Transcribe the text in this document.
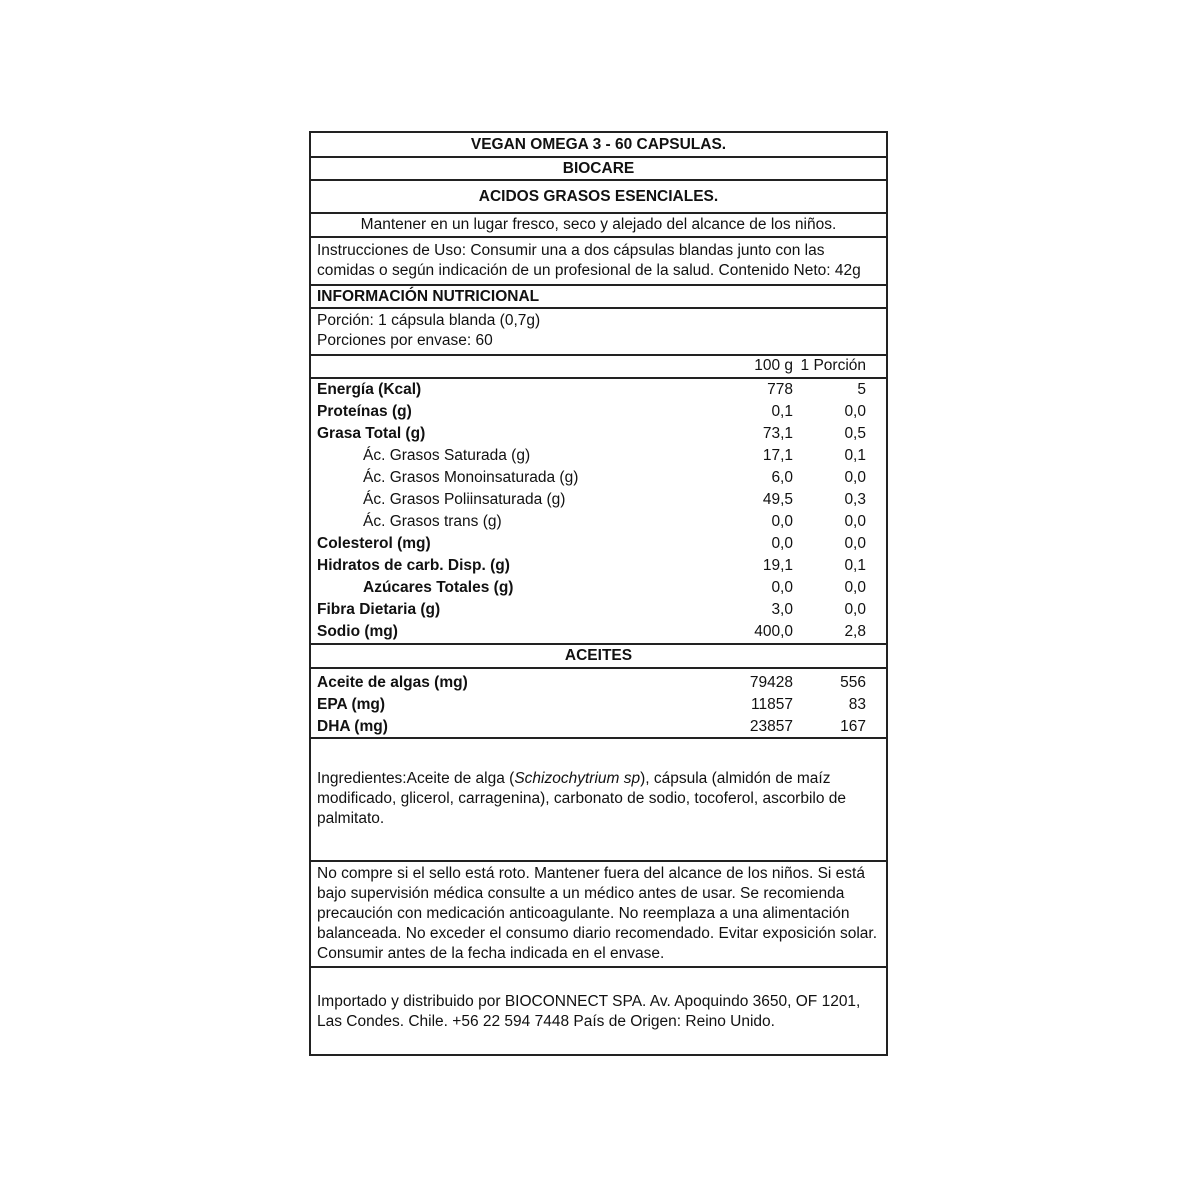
VEGAN OMEGA 3 - 60 CAPSULAS.
BIOCARE
ACIDOS GRASOS ESENCIALES.
Mantener en un lugar fresco, seco y alejado del alcance de los niños.
Instrucciones de Uso: Consumir una a dos cápsulas blandas junto con las comidas o según indicación de un profesional de la salud. Contenido Neto: 42g
INFORMACIÓN NUTRICIONAL
Porción: 1 cápsula blanda (0,7g)
Porciones por envase: 60
100 g 1 Porción
Energía (Kcal)	778	5
Proteínas (g)	0,1	0,0
Grasa Total (g)	73,1	0,5
Ác. Grasos Saturada (g)	17,1	0,1
Ác. Grasos Monoinsaturada (g)	6,0	0,0
Ác. Grasos Poliinsaturada (g)	49,5	0,3
Ác. Grasos trans (g)	0,0	0,0
Colesterol (mg)	0,0	0,0
Hidratos de carb. Disp. (g)	19,1	0,1
Azúcares Totales (g)	0,0	0,0
Fibra Dietaria (g)	3,0	0,0
Sodio (mg)	400,0	2,8
ACEITES
Aceite de algas (mg)	79428	556
EPA (mg)	11857	83
DHA (mg)	23857	167
Ingredientes:Aceite de alga (Schizochytrium sp), cápsula (almidón de maíz modificado, glicerol, carragenina), carbonato de sodio, tocoferol, ascorbilo de palmitato.
No compre si el sello está roto. Mantener fuera del alcance de los niños. Si está bajo supervisión médica consulte a un médico antes de usar. Se recomienda precaución con medicación anticoagulante. No reemplaza a una alimentación balanceada. No exceder el consumo diario recomendado. Evitar exposición solar. Consumir antes de la fecha indicada en el envase.
Importado y distribuido por BIOCONNECT SPA. Av. Apoquindo 3650, OF 1201, Las Condes. Chile. +56 22 594 7448 País de Origen: Reino Unido.
